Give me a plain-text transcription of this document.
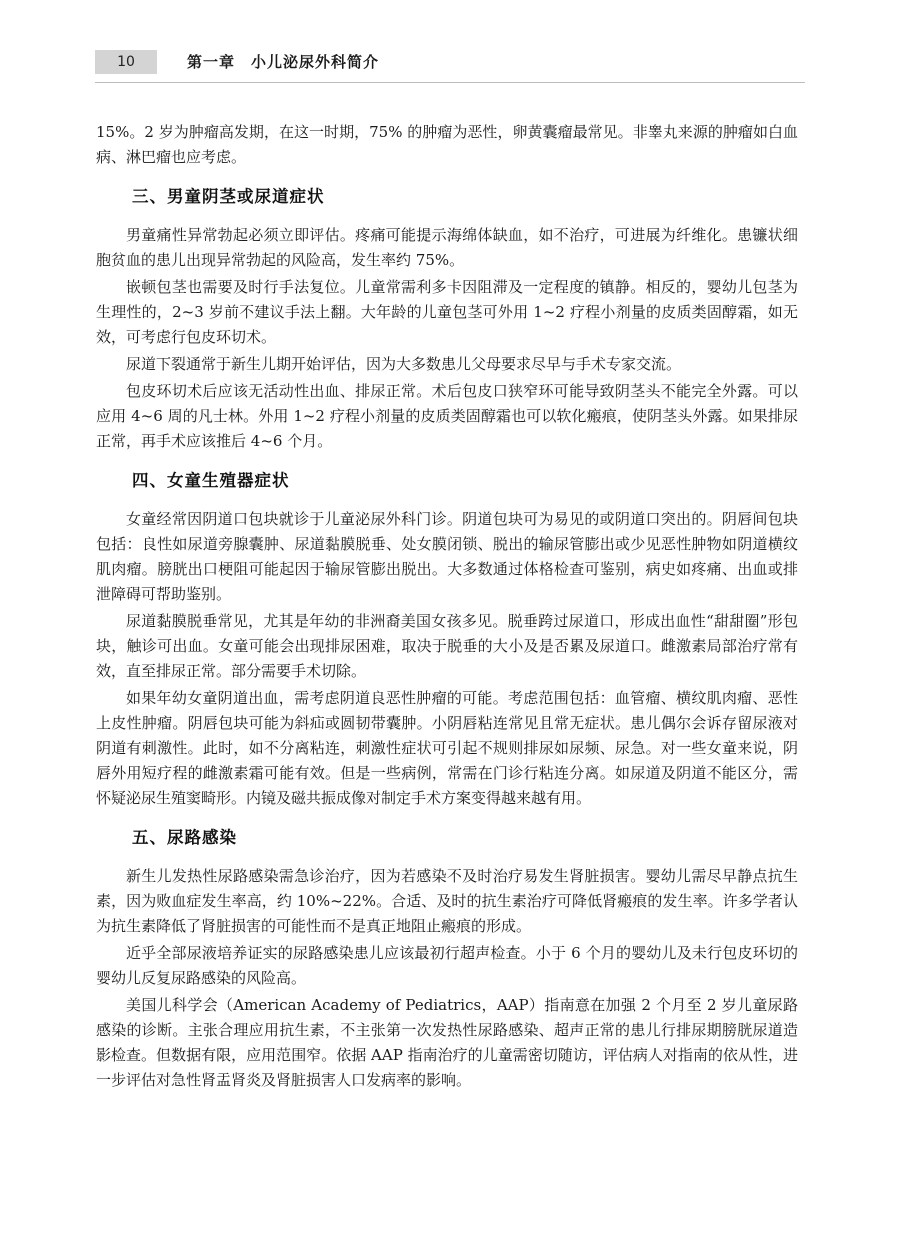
10	第一章　小儿泌尿外科简介

15%。2 岁为肿瘤高发期，在这一时期，75% 的肿瘤为恶性，卵黄囊瘤最常见。非睾丸来源的肿瘤如白血病、淋巴瘤也应考虑。

三、男童阴茎或尿道症状

男童痛性异常勃起必须立即评估。疼痛可能提示海绵体缺血，如不治疗，可进展为纤维化。患镰状细胞贫血的患儿出现异常勃起的风险高，发生率约 75%。

嵌顿包茎也需要及时行手法复位。儿童常需利多卡因阻滞及一定程度的镇静。相反的，婴幼儿包茎为生理性的，2~3 岁前不建议手法上翻。大年龄的儿童包茎可外用 1~2 疗程小剂量的皮质类固醇霜，如无效，可考虑行包皮环切术。

尿道下裂通常于新生儿期开始评估，因为大多数患儿父母要求尽早与手术专家交流。

包皮环切术后应该无活动性出血、排尿正常。术后包皮口狭窄环可能导致阴茎头不能完全外露。可以应用 4~6 周的凡士林。外用 1~2 疗程小剂量的皮质类固醇霜也可以软化瘢痕，使阴茎头外露。如果排尿正常，再手术应该推后 4~6 个月。

四、女童生殖器症状

女童经常因阴道口包块就诊于儿童泌尿外科门诊。阴道包块可为易见的或阴道口突出的。阴唇间包块包括：良性如尿道旁腺囊肿、尿道黏膜脱垂、处女膜闭锁、脱出的输尿管膨出或少见恶性肿物如阴道横纹肌肉瘤。膀胱出口梗阻可能起因于输尿管膨出脱出。大多数通过体格检查可鉴别，病史如疼痛、出血或排泄障碍可帮助鉴别。

尿道黏膜脱垂常见，尤其是年幼的非洲裔美国女孩多见。脱垂跨过尿道口，形成出血性“甜甜圈”形包块，触诊可出血。女童可能会出现排尿困难，取决于脱垂的大小及是否累及尿道口。雌激素局部治疗常有效，直至排尿正常。部分需要手术切除。

如果年幼女童阴道出血，需考虑阴道良恶性肿瘤的可能。考虑范围包括：血管瘤、横纹肌肉瘤、恶性上皮性肿瘤。阴唇包块可能为斜疝或圆韧带囊肿。小阴唇粘连常见且常无症状。患儿偶尔会诉存留尿液对阴道有刺激性。此时，如不分离粘连，刺激性症状可引起不规则排尿如尿频、尿急。对一些女童来说，阴唇外用短疗程的雌激素霜可能有效。但是一些病例，常需在门诊行粘连分离。如尿道及阴道不能区分，需怀疑泌尿生殖窦畸形。内镜及磁共振成像对制定手术方案变得越来越有用。

五、尿路感染

新生儿发热性尿路感染需急诊治疗，因为若感染不及时治疗易发生肾脏损害。婴幼儿需尽早静点抗生素，因为败血症发生率高，约 10%~22%。合适、及时的抗生素治疗可降低肾瘢痕的发生率。许多学者认为抗生素降低了肾脏损害的可能性而不是真正地阻止瘢痕的形成。

近乎全部尿液培养证实的尿路感染患儿应该最初行超声检查。小于 6 个月的婴幼儿及未行包皮环切的婴幼儿反复尿路感染的风险高。

美国儿科学会（American Academy of Pediatrics，AAP）指南意在加强 2 个月至 2 岁儿童尿路感染的诊断。主张合理应用抗生素，不主张第一次发热性尿路感染、超声正常的患儿行排尿期膀胱尿道造影检查。但数据有限，应用范围窄。依据 AAP 指南治疗的儿童需密切随访，评估病人对指南的依从性，进一步评估对急性肾盂肾炎及肾脏损害人口发病率的影响。
